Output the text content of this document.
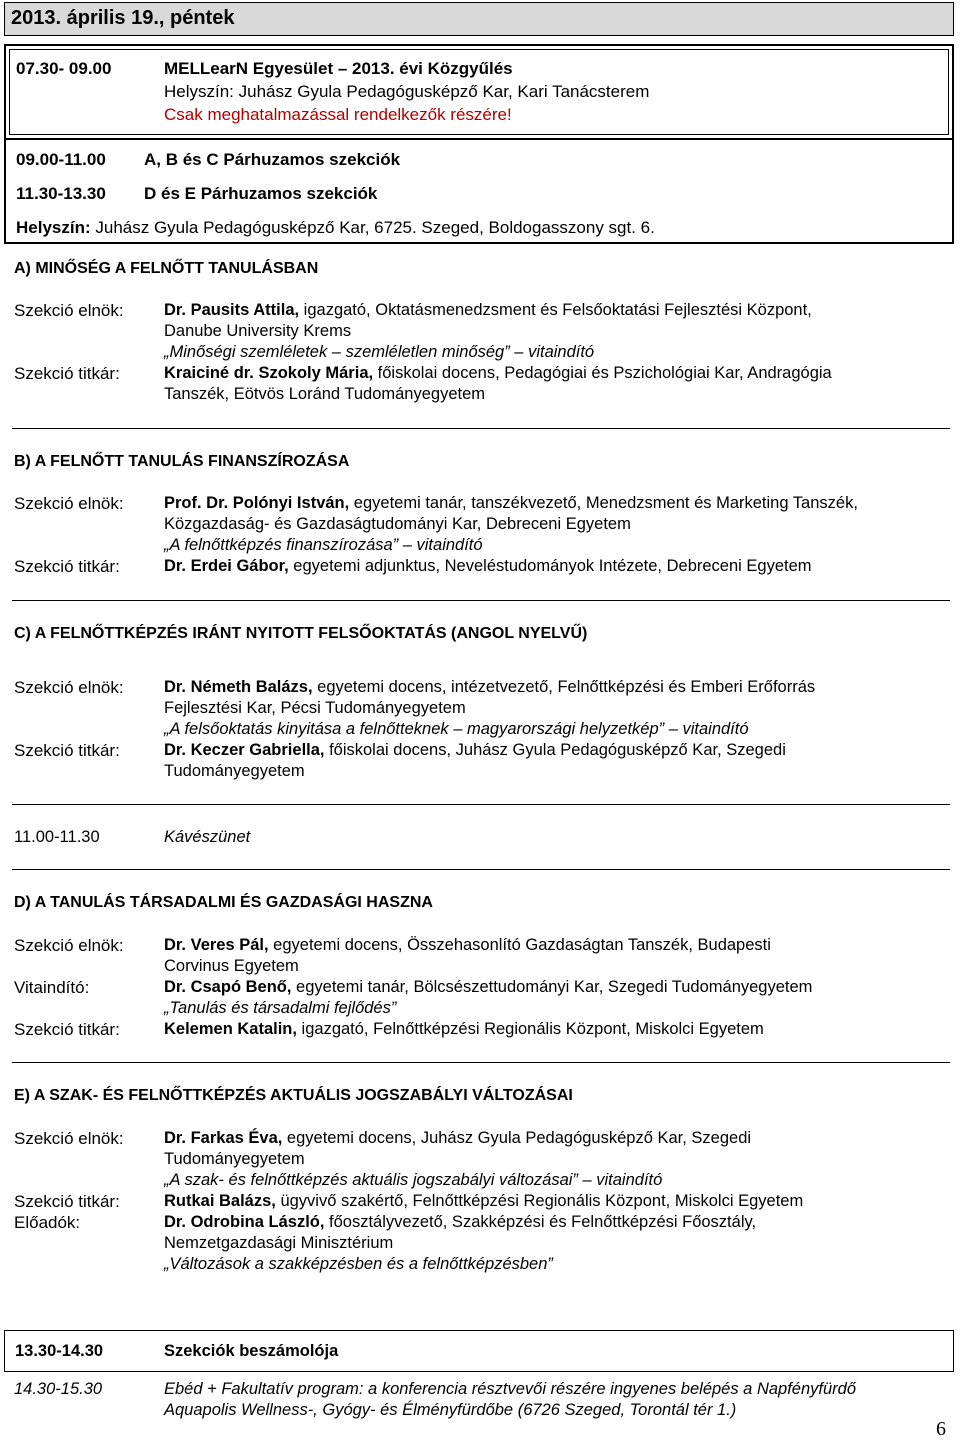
2013. április 19., péntek
07.30- 09.00	MELLearN Egyesület – 2013. évi Közgyűlés
Helyszín: Juhász Gyula Pedagógusképző Kar, Kari Tanácsterem
Csak meghatalmazással rendelkezők részére!
09.00-11.00 A, B és C Párhuzamos szekciók
11.30-13.30 D és E Párhuzamos szekciók
Helyszín: Juhász Gyula Pedagógusképző Kar, 6725. Szeged, Boldogasszony sgt. 6.
A) MINŐSÉG A FELNŐTT TANULÁSBAN
Szekció elnök: Dr. Pausits Attila, igazgató, Oktatásmenedzsment és Felsőoktatási Fejlesztési Központ,
Danube University Krems
„Minőségi szemléletek – szemléletlen minőség” – vitaindító
Szekció titkár:	Kraiciné dr. Szokoly Mária, főiskolai docens, Pedagógiai és Pszichológiai Kar, Andragógia
Tanszék, Eötvös Loránd Tudományegyetem
B) A FELNŐTT TANULÁS FINANSZÍROZÁSA
Szekció elnök: Prof. Dr. Polónyi István, egyetemi tanár, tanszékvezető, Menedzsment és Marketing Tanszék,
Közgazdaság- és Gazdaságtudományi Kar, Debreceni Egyetem
„A felnőttképzés finanszírozása” – vitaindító
Szekció titkár:	Dr. Erdei Gábor, egyetemi adjunktus, Neveléstudományok Intézete, Debreceni Egyetem
C) A FELNŐTTKÉPZÉS IRÁNT NYITOTT FELSŐOKTATÁS (ANGOL NYELVŰ)
Szekció elnök: Dr. Németh Balázs, egyetemi docens, intézetvezető, Felnőttképzési és Emberi Erőforrás
Fejlesztési Kar, Pécsi Tudományegyetem
„A felsőoktatás kinyitása a felnőtteknek – magyarországi helyzetkép” – vitaindító
Szekció titkár:	Dr. Keczer Gabriella, főiskolai docens, Juhász Gyula Pedagógusképző Kar, Szegedi
Tudományegyetem
11.00-11.30	Kávészünet
D) A TANULÁS TÁRSADALMI ÉS GAZDASÁGI HASZNA
Szekció elnök: Dr. Veres Pál, egyetemi docens, Összehasonlító Gazdaságtan Tanszék, Budapesti
Corvinus Egyetem
Vitaindító:	Dr. Csapó Benő, egyetemi tanár, Bölcsészettudományi Kar, Szegedi Tudományegyetem
„Tanulás és társadalmi fejlődés”
Szekció titkár:	Kelemen Katalin, igazgató, Felnőttképzési Regionális Központ, Miskolci Egyetem
E) A SZAK- ÉS FELNŐTTKÉPZÉS AKTUÁLIS JOGSZABÁLYI VÁLTOZÁSAI
Szekció elnök: Dr. Farkas Éva, egyetemi docens, Juhász Gyula Pedagógusképző Kar, Szegedi
Tudományegyetem
„A szak- és felnőttképzés aktuális jogszabályi változásai” – vitaindító
Szekció titkár:	Rutkai Balázs, ügyvivő szakértő, Felnőttképzési Regionális Központ, Miskolci Egyetem
Előadók:	Dr. Odrobina László, főosztályvezető, Szakképzési és Felnőttképzési Főosztály,
Nemzetgazdasági Minisztérium
„Változások a szakképzésben és a felnőttképzésben”
13.30-14.30	Szekciók beszámolója
14.30-15.30	Ebéd + Fakultatív program: a konferencia résztvevői részére ingyenes belépés a Napfényfürdő
Aquapolis Wellness-, Gyógy- és Élményfürdőbe (6726 Szeged, Torontál tér 1.)
6
